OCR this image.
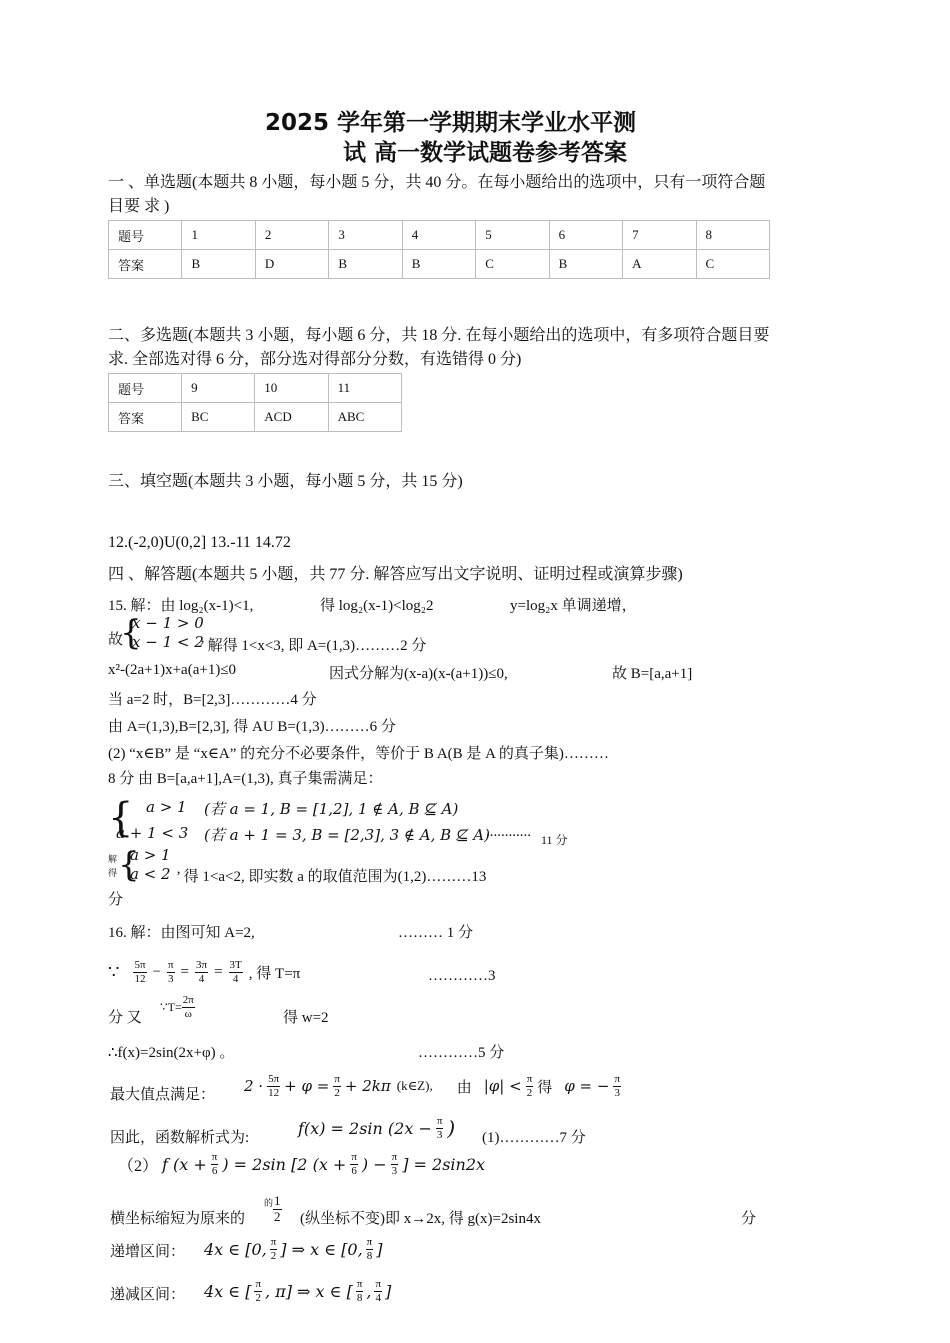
2025 学年第一学期期末学业水平测
试 高一数学试题卷参考答案
一 、单选题(本题共 8 小题，每小题 5 分，共 40 分。在每小题给出的选项中，只有一项符合题
目要 求 )
题号	1	2	3	4	5	6	7	8
答案	B	D	B	B	C	B	A	C
二、多选题(本题共 3 小题，每小题 6 分，共 18 分. 在每小题给出的选项中，有多项符合题目要
求. 全部选对得 6 分，部分选对得部分分数，有选错得 0 分)
题号	9	10	11
答案	BC	ACD	ABC
三、填空题(本题共 3 小题，每小题 5 分，共 15 分)
12.(-2,0)U(0,2] 13.-11 14.72
四 、解答题(本题共 5 小题，共 77 分. 解答应写出文字说明、证明过程或演算步骤)
15. 解：由 log₂(x-1)<1,	得 log₂(x-1)<log₂2	y=log₂x 单调递增，
故
{
x − 1 > 0
x − 1 < 2
’ 解得 1<x<3, 即 A=(1,3)………2 分
x²-(2a+1)x+a(a+1)≤0	因式分解为(x-a)(x-(a+1))≤0,	故 B=[a,a+1]
当 a=2 时，B=[2,3]…………4 分
由 A=(1,3),B=[2,3], 得 AU B=(1,3)………6 分
(2) “x∈B” 是 “x∈A” 的充分不必要条件，等价于 B A(B 是 A 的真子集)………
8 分 由 B=[a,a+1],A=(1,3), 真子集需满足：
{ a > 1 (若 a = 1, B = [1,2], 1 ∉ A, B ⊈ A)
a + 1 < 3 (若 a + 1 = 3, B = [2,3], 3 ∉ A, B ⊈ A)
............ 11 分
解得 {
a > 1
a < 2 ’ 得 1<a<2, 即实数 a 的取值范围为(1,2)………13
分
16. 解：由图可知 A=2,	……… 1 分
∵ $\frac{5\pi}{12} - \frac{\pi}{3} = \frac{3\pi}{4} = \frac{3T}{4}$ , 得 T=π	…………3
分 又
∵T= $\frac{2\pi}{\omega}$	得 w=2
∴f(x)=2sin(2x+φ) 。	…………5 分
最大值点满足： $2 \cdot \frac{5\pi}{12} + \varphi = \frac{\pi}{2} + 2k\pi$ (k∈Z), 由 $|\varphi| < \frac{\pi}{2}$ 得 φ = − $\frac{\pi}{3}$
因此，函数解析式为:
f(x) = 2sin ($2x - \frac{\pi}{3}$ ) (1)…………7 分
（2） f ($x + \frac{\pi}{6}$ ) = 2sin [2 ($x + \frac{\pi}{6}$ ) − $\frac{\pi}{3}$ ] = 2sin2x
横坐标缩短为原来的
的 $\frac{1}{2}$ (纵坐标不变)即 x→2x, 得 g(x)=2sin4x	分
递增区间： 4x ∈ [0, $\frac{\pi}{2}$ ] ⇒ x ∈ [0, $\frac{\pi}{8}$ ]
递减区间： 4x ∈ [ $\frac{\pi}{2}$ , π] ⇒ x ∈ [ $\frac{\pi}{8}$ , $\frac{\pi}{4}$ ]
